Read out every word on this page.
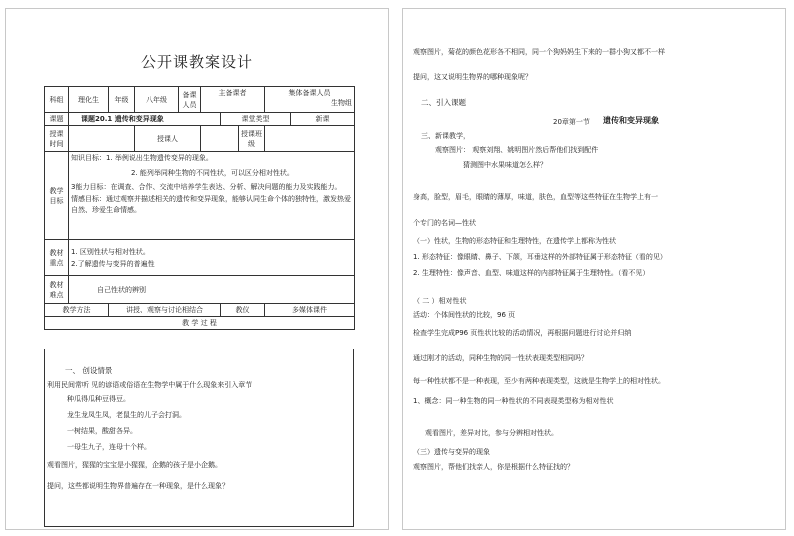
公开课教案设计
科组	理化生	年级	八年级	备课人员	主备课者			集体备课人员
生物组	

课题	课题20.1 遗传和变异现象					课堂类型			新课
授课时间			授课人				授课班级		
教学目标	知识目标：1. 举例说出生物遗传变异的现象。
2. 能列举同种生物的不同性状，可以区分相对性状。
3能力目标：在调查、合作、交流中培养学生表达、分析、解决问题的能力及实践能力。
情感目标：通过观察并描述相关的遗传和变异现象，能够认同生命个体的独特性，激发热爱自然、珍爱生命情感。								

教材重点	1. 区别性状与相对性状。
2.了解遗传与变异的普遍性								

教材难点	自己性状的辨别								
教学方法		讲授、观察与讨论相结合				教仪		多媒体课件	
教 学 过 程									
一、 创设情景
利用民间常听 见的谚语或俗语在生物学中属于什么现象来引入章节
种瓜得瓜种豆得豆。
龙生龙凤生凤，老鼠生的儿子会打洞。
一树结果，酸甜各异。
一母生九子，连母十个样。
观看图片，猩猩的宝宝是小猩猩，企鹅的孩子是小企鹅。
提问，这些都说明生物界普遍存在一种现象，是什么现象？
观察图片，菊花的颜色花形各不相同，同一个狗妈妈生下来的一群小狗又都不一样
提问，这又说明生物界的哪种现象呢？
二、引入课题
20章第一节 遗传和变异现象
三、新课教学，
观察图片： 观察刘翔、姚明图片然后帮他们找到配件
猜测图中水果味道怎么样？
身高，脸型，眉毛，眼睛的薄厚，味道，肤色，血型等这些特征在生物学上有一
个专门的名词—性状
（一）性状，生物的形态特征和生理特性，在遗传学上都称为性状
1. 形态特征：像眼睛、鼻子、下颌，耳垂这样的外部特征属于形态特征（看的见）
2. 生理特性：像声音、血型、味道这样的内部特征属于生理特性。（看不见）
（ 二 ）相对性状
活动：个体间性状的比较，96 页
检查学生完成P96 页性状比较的活动情况，再根据问题进行讨论并归纳
通过刚才的活动，同种生物的同一性状表现类型相同吗？
每一种性状都不是一种表现，至少有两种表现类型，这就是生物学上的相对性状。
1、概念：同一种生物的同一种性状的不同表现类型称为相对性状
观看图片，差异对比，参与分辨相对性状。
（三）遗传与变异的现象
观察图片，帮他们找亲人，你是根据什么特征找的？
